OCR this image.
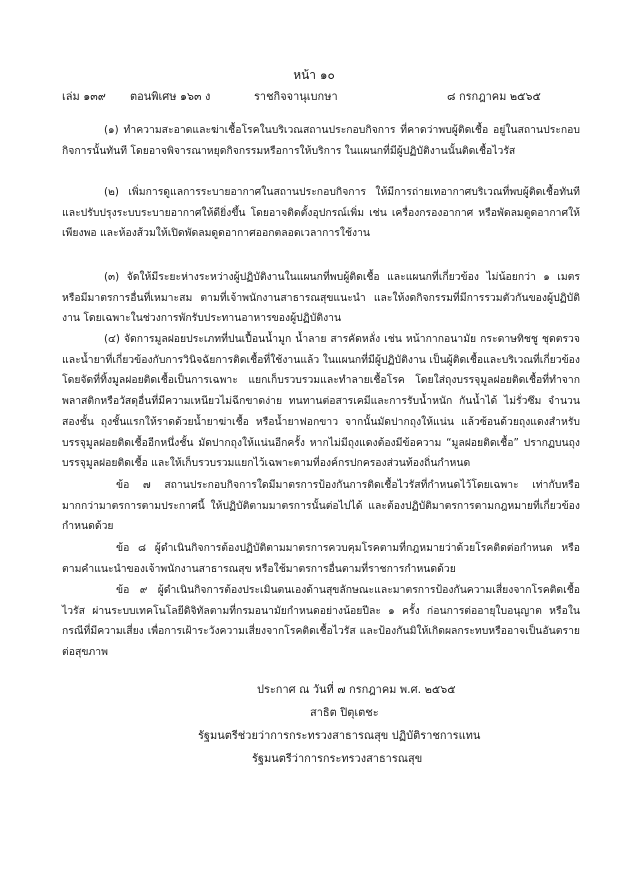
หน้า ๑๐
เล่ม ๑๓๙ ตอนพิเศษ ๑๖๓ ง	ราชกิจจานุเบกษา	๘ กรกฎาคม ๒๕๖๕

(๑) ทำความสะอาดและฆ่าเชื้อโรคในบริเวณสถานประกอบกิจการ ที่คาดว่าพบผู้ติดเชื้อ อยู่ในสถานประกอบกิจการนั้นทันที โดยอาจพิจารณาหยุดกิจกรรมหรือการให้บริการ ในแผนกที่มีผู้ปฏิบัติงานนั้นติดเชื้อไวรัส

(๒) เพิ่มการดูแลการระบายอากาศในสถานประกอบกิจการ ให้มีการถ่ายเทอากาศบริเวณที่พบผู้ติดเชื้อทันที และปรับปรุงระบบระบายอากาศให้ดียิ่งขึ้น โดยอาจติดตั้งอุปกรณ์เพิ่ม เช่น เครื่องกรองอากาศ หรือพัดลมดูดอากาศให้เพียงพอ และห้องส้วมให้เปิดพัดลมดูดอากาศออกตลอดเวลาการใช้งาน

(๓) จัดให้มีระยะห่างระหว่างผู้ปฏิบัติงานในแผนกที่พบผู้ติดเชื้อ และแผนกที่เกี่ยวข้อง ไม่น้อยกว่า ๑ เมตร หรือมีมาตรการอื่นที่เหมาะสม ตามที่เจ้าพนักงานสาธารณสุขแนะนำ และให้งดกิจกรรมที่มีการรวมตัวกันของผู้ปฏิบัติงาน โดยเฉพาะในช่วงการพักรับประทานอาหารของผู้ปฏิบัติงาน

(๔) จัดการมูลฝอยประเภทที่ปนเปื้อนน้ำมูก น้ำลาย สารคัดหลั่ง เช่น หน้ากากอนามัย กระดาษทิชชู ชุดตรวจและน้ำยาที่เกี่ยวข้องกับการวินิจฉัยการติดเชื้อที่ใช้งานแล้ว ในแผนกที่มีผู้ปฏิบัติงาน เป็นผู้ติดเชื้อและบริเวณที่เกี่ยวข้อง โดยจัดที่ทิ้งมูลฝอยติดเชื้อเป็นการเฉพาะ แยกเก็บรวบรวมและทำลายเชื้อโรค โดยใส่ถุงบรรจุมูลฝอยติดเชื้อที่ทำจากพลาสติกหรือวัสดุอื่นที่มีความเหนียวไม่ฉีกขาดง่าย ทนทานต่อสารเคมีและการรับน้ำหนัก กันน้ำได้ ไม่รั่วซึม จำนวนสองชั้น ถุงชั้นแรกให้ราดด้วยน้ำยาฆ่าเชื้อ หรือน้ำยาฟอกขาว จากนั้นมัดปากถุงให้แน่น แล้วซ้อนด้วยถุงแดงสำหรับบรรจุมูลฝอยติดเชื้ออีกหนึ่งชั้น มัดปากถุงให้แน่นอีกครั้ง หากไม่มีถุงแดงต้องมีข้อความ “มูลฝอยติดเชื้อ” ปรากฏบนถุงบรรจุมูลฝอยติดเชื้อ และให้เก็บรวบรวมแยกไว้เฉพาะตามที่องค์กรปกครองส่วนท้องถิ่นกำหนด

ข้อ ๗ สถานประกอบกิจการใดมีมาตรการป้องกันการติดเชื้อไวรัสที่กำหนดไว้โดยเฉพาะ เท่ากับหรือมากกว่ามาตรการตามประกาศนี้ ให้ปฏิบัติตามมาตรการนั้นต่อไปได้ และต้องปฏิบัติมาตรการตามกฎหมายที่เกี่ยวข้องกำหนดด้วย

ข้อ ๘ ผู้ดำเนินกิจการต้องปฏิบัติตามมาตรการควบคุมโรคตามที่กฎหมายว่าด้วยโรคติดต่อกำหนด หรือตามคำแนะนำของเจ้าพนักงานสาธารณสุข หรือใช้มาตรการอื่นตามที่ราชการกำหนดด้วย

ข้อ ๙ ผู้ดำเนินกิจการต้องประเมินตนเองด้านสุขลักษณะและมาตรการป้องกันความเสี่ยงจากโรคติดเชื้อไวรัส ผ่านระบบเทคโนโลยีดิจิทัลตามที่กรมอนามัยกำหนดอย่างน้อยปีละ ๑ ครั้ง ก่อนการต่ออายุใบอนุญาต หรือในกรณีที่มีความเสี่ยง เพื่อการเฝ้าระวังความเสี่ยงจากโรคติดเชื้อไวรัส และป้องกันมิให้เกิดผลกระทบหรืออาจเป็นอันตรายต่อสุขภาพ

ประกาศ ณ วันที่ ๗ กรกฎาคม พ.ศ. ๒๕๖๕
สาธิต ปิตุเตชะ
รัฐมนตรีช่วยว่าการกระทรวงสาธารณสุข ปฏิบัติราชการแทน
รัฐมนตรีว่าการกระทรวงสาธารณสุข
